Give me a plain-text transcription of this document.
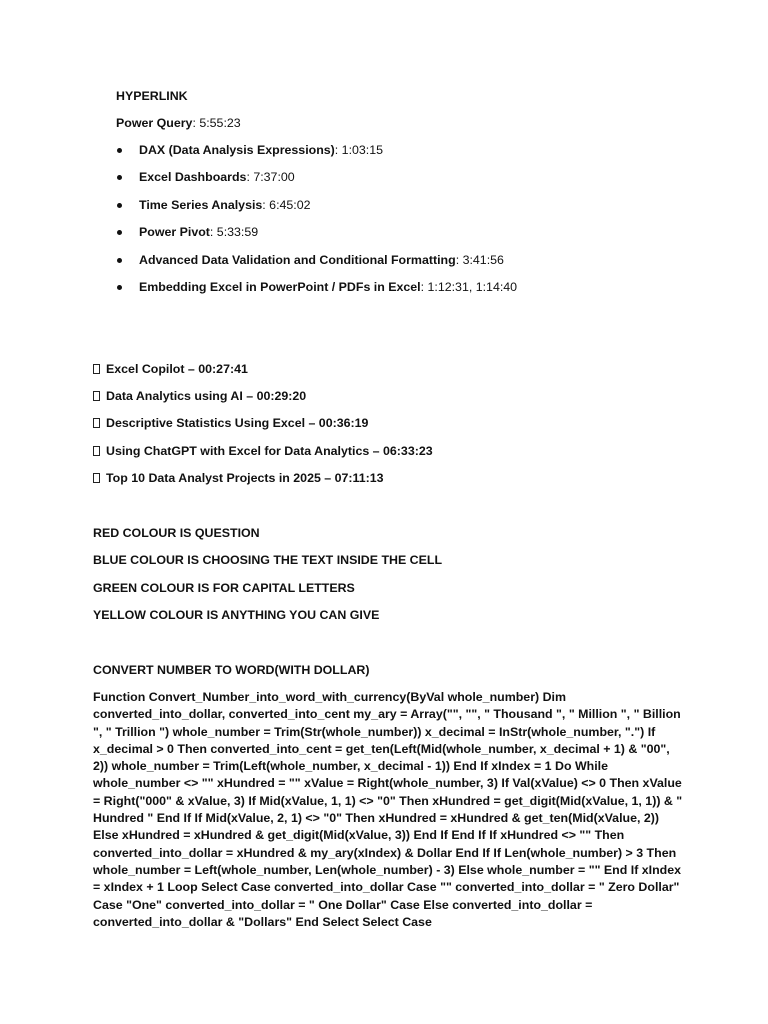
HYPERLINK
Power Query: 5:55:23
DAX (Data Analysis Expressions): 1:03:15
Excel Dashboards: 7:37:00
Time Series Analysis: 6:45:02
Power Pivot: 5:33:59
Advanced Data Validation and Conditional Formatting: 3:41:56
Embedding Excel in PowerPoint / PDFs in Excel: 1:12:31, 1:14:40
Excel Copilot – 00:27:41
Data Analytics using AI – 00:29:20
Descriptive Statistics Using Excel – 00:36:19
Using ChatGPT with Excel for Data Analytics – 06:33:23
Top 10 Data Analyst Projects in 2025 – 07:11:13
RED COLOUR IS QUESTION
BLUE COLOUR IS CHOOSING THE TEXT INSIDE THE CELL
GREEN COLOUR IS FOR CAPITAL LETTERS
YELLOW COLOUR IS ANYTHING YOU CAN GIVE
CONVERT NUMBER TO WORD(WITH DOLLAR)
Function Convert_Number_into_word_with_currency(ByVal whole_number) Dim converted_into_dollar, converted_into_cent my_ary = Array("", "", " Thousand ", " Million ", " Billion ", " Trillion ") whole_number = Trim(Str(whole_number)) x_decimal = InStr(whole_number, ".") If x_decimal > 0 Then converted_into_cent = get_ten(Left(Mid(whole_number, x_decimal + 1) & "00", 2)) whole_number = Trim(Left(whole_number, x_decimal - 1)) End If xIndex = 1 Do While whole_number <> "" xHundred = "" xValue = Right(whole_number, 3) If Val(xValue) <> 0 Then xValue = Right("000" & xValue, 3) If Mid(xValue, 1, 1) <> "0" Then xHundred = get_digit(Mid(xValue, 1, 1)) & " Hundred " End If If Mid(xValue, 2, 1) <> "0" Then xHundred = xHundred & get_ten(Mid(xValue, 2)) Else xHundred = xHundred & get_digit(Mid(xValue, 3)) End If End If If xHundred <> "" Then converted_into_dollar = xHundred & my_ary(xIndex) & Dollar End If If Len(whole_number) > 3 Then whole_number = Left(whole_number, Len(whole_number) - 3) Else whole_number = "" End If xIndex = xIndex + 1 Loop Select Case converted_into_dollar Case "" converted_into_dollar = " Zero Dollar" Case "One" converted_into_dollar = " One Dollar" Case Else converted_into_dollar = converted_into_dollar & "Dollars" End Select Select Case
